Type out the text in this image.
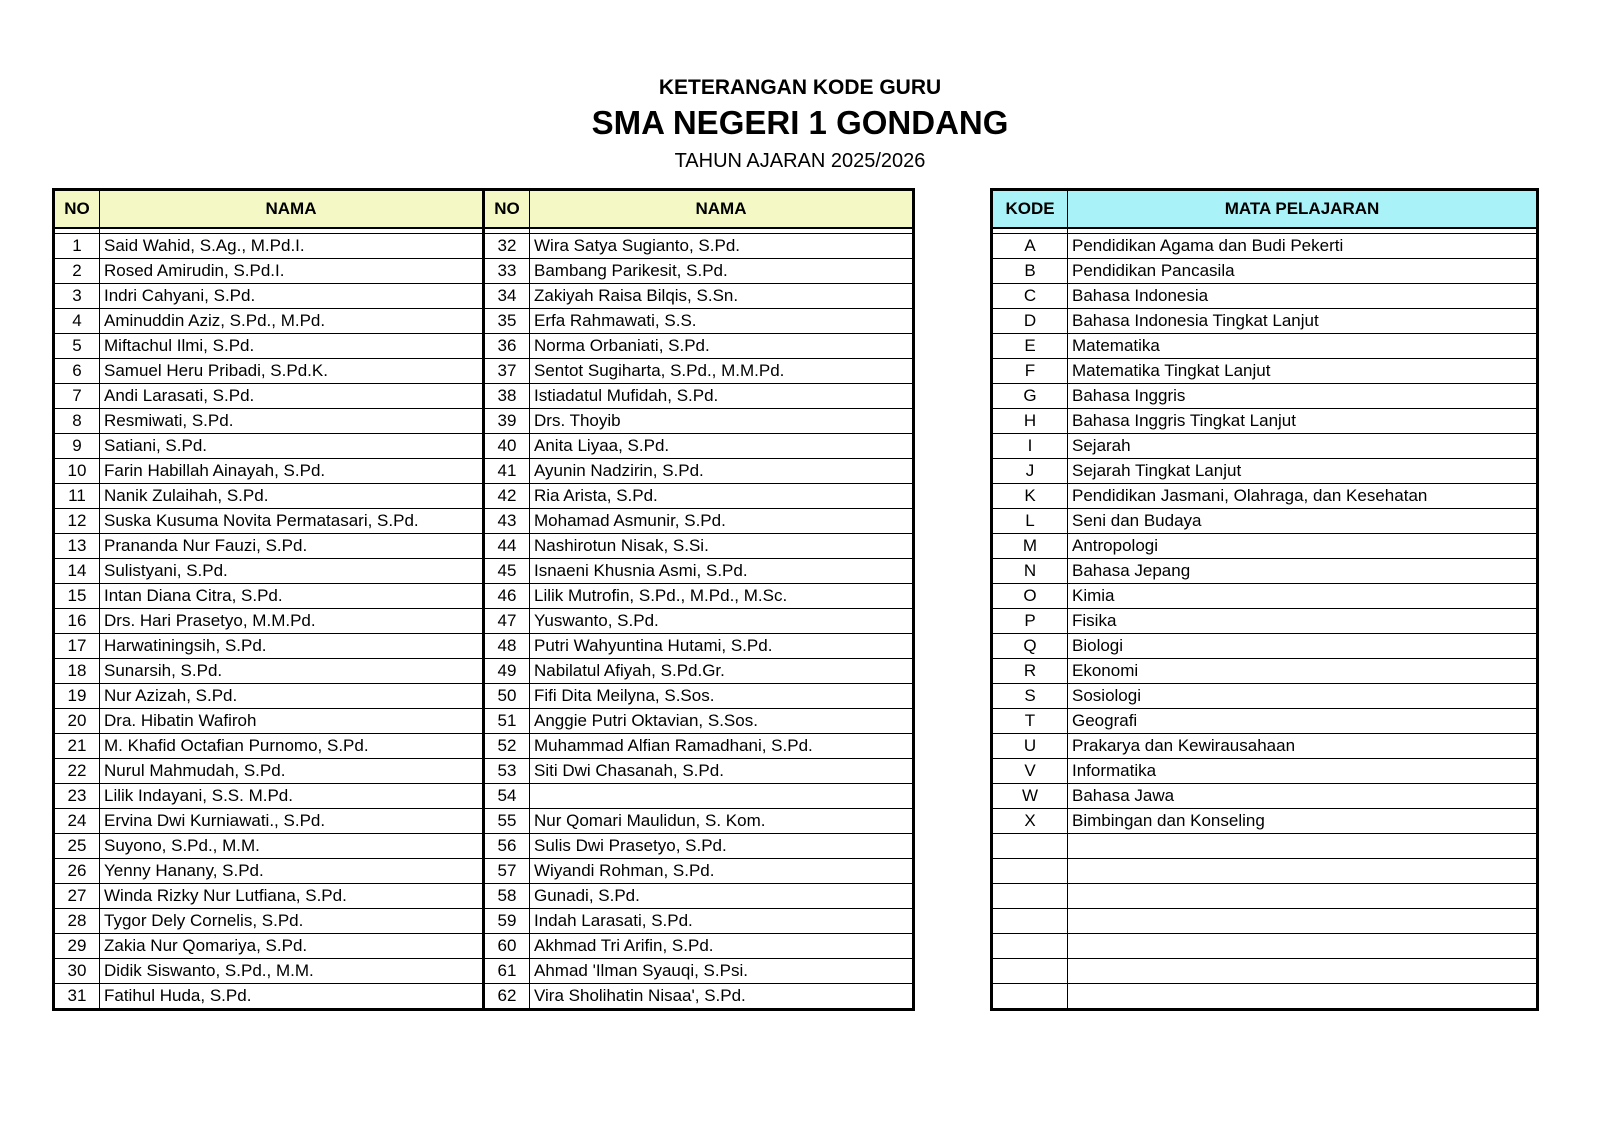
KETERANGAN KODE GURU
SMA NEGERI 1 GONDANG
TAHUN AJARAN 2025/2026
NO	NAMA	NO	NAMA

1	Said Wahid, S.Ag., M.Pd.I.	32	Wira Satya Sugianto, S.Pd.
2	Rosed Amirudin, S.Pd.I.	33	Bambang Parikesit, S.Pd.
3	Indri Cahyani, S.Pd.	34	Zakiyah Raisa Bilqis, S.Sn.
4	Aminuddin Aziz, S.Pd., M.Pd.	35	Erfa Rahmawati, S.S.
5	Miftachul Ilmi, S.Pd.	36	Norma Orbaniati, S.Pd.
6	Samuel Heru Pribadi, S.Pd.K.	37	Sentot Sugiharta, S.Pd., M.M.Pd.
7	Andi Larasati, S.Pd.	38	Istiadatul Mufidah, S.Pd.
8	Resmiwati, S.Pd.	39	Drs. Thoyib
9	Satiani, S.Pd.	40	Anita Liyaa, S.Pd.
10	Farin Habillah Ainayah, S.Pd.	41	Ayunin Nadzirin, S.Pd.
11	Nanik Zulaihah, S.Pd.	42	Ria Arista, S.Pd.
12	Suska Kusuma Novita Permatasari, S.Pd.	43	Mohamad Asmunir, S.Pd.
13	Prananda Nur Fauzi, S.Pd.	44	Nashirotun Nisak, S.Si.
14	Sulistyani, S.Pd.	45	Isnaeni Khusnia Asmi, S.Pd.
15	Intan Diana Citra, S.Pd.	46	Lilik Mutrofin, S.Pd., M.Pd., M.Sc.
16	Drs. Hari Prasetyo, M.M.Pd.	47	Yuswanto, S.Pd.
17	Harwatiningsih, S.Pd.	48	Putri Wahyuntina Hutami, S.Pd.
18	Sunarsih, S.Pd.	49	Nabilatul Afiyah, S.Pd.Gr.
19	Nur Azizah, S.Pd.	50	Fifi Dita Meilyna, S.Sos.
20	Dra. Hibatin Wafiroh	51	Anggie Putri Oktavian, S.Sos.
21	M. Khafid Octafian Purnomo, S.Pd.	52	Muhammad Alfian Ramadhani, S.Pd.
22	Nurul Mahmudah, S.Pd.	53	Siti Dwi Chasanah, S.Pd.
23	Lilik Indayani, S.S. M.Pd.	54	
24	Ervina Dwi Kurniawati., S.Pd.	55	Nur Qomari Maulidun, S. Kom.
25	Suyono, S.Pd., M.M.	56	Sulis Dwi Prasetyo, S.Pd.
26	Yenny Hanany, S.Pd.	57	Wiyandi Rohman, S.Pd.
27	Winda Rizky Nur Lutfiana, S.Pd.	58	Gunadi, S.Pd.
28	Tygor Dely Cornelis, S.Pd.	59	Indah Larasati, S.Pd.
29	Zakia Nur Qomariya, S.Pd.	60	Akhmad Tri Arifin, S.Pd.
30	Didik Siswanto, S.Pd., M.M.	61	Ahmad 'Ilman Syauqi, S.Psi.
31	Fatihul Huda, S.Pd.	62	Vira Sholihatin Nisaa', S.Pd.
KODE	MATA PELAJARAN

A	Pendidikan Agama dan Budi Pekerti
B	Pendidikan Pancasila
C	Bahasa Indonesia
D	Bahasa Indonesia Tingkat Lanjut
E	Matematika
F	Matematika Tingkat Lanjut
G	Bahasa Inggris
H	Bahasa Inggris Tingkat Lanjut
I	Sejarah
J	Sejarah Tingkat Lanjut
K	Pendidikan Jasmani, Olahraga, dan Kesehatan
L	Seni dan Budaya
M	Antropologi
N	Bahasa Jepang
O	Kimia
P	Fisika
Q	Biologi
R	Ekonomi
S	Sosiologi
T	Geografi
U	Prakarya dan Kewirausahaan
V	Informatika
W	Bahasa Jawa
X	Bimbingan dan Konseling
